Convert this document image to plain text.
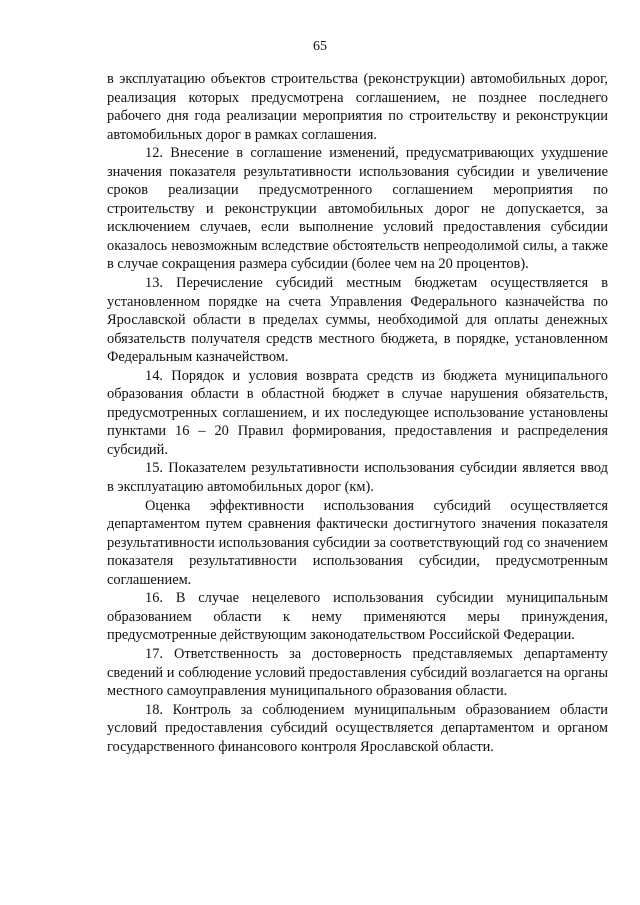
65

в эксплуатацию объектов строительства (реконструкции) автомобильных дорог, реализация которых предусмотрена соглашением, не позднее последнего рабочего дня года реализации мероприятия по строительству и реконструкции автомобильных дорог в рамках соглашения.

12. Внесение в соглашение изменений, предусматривающих ухудшение значения показателя результативности использования субсидии и увеличение сроков реализации предусмотренного соглашением мероприятия по строительству и реконструкции автомобильных дорог не допускается, за исключением случаев, если выполнение условий предоставления субсидии оказалось невозможным вследствие обстоятельств непреодолимой силы, а также в случае сокращения размера субсидии (более чем на 20 процентов).

13. Перечисление субсидий местным бюджетам осуществляется в установленном порядке на счета Управления Федерального казначейства по Ярославской области в пределах суммы, необходимой для оплаты денежных обязательств получателя средств местного бюджета, в порядке, установленном Федеральным казначейством.

14. Порядок и условия возврата средств из бюджета муниципального образования области в областной бюджет в случае нарушения обязательств, предусмотренных соглашением, и их последующее использование установлены пунктами 16 – 20 Правил формирования, предоставления и распределения субсидий.

15. Показателем результативности использования субсидии является ввод в эксплуатацию автомобильных дорог (км).

Оценка эффективности использования субсидий осуществляется департаментом путем сравнения фактически достигнутого значения показателя результативности использования субсидии за соответствующий год со значением показателя результативности использования субсидии, предусмотренным соглашением.

16. В случае нецелевого использования субсидии муниципальным образованием области к нему применяются меры принуждения, предусмотренные действующим законодательством Российской Федерации.

17. Ответственность за достоверность представляемых департаменту сведений и соблюдение условий предоставления субсидий возлагается на органы местного самоуправления муниципального образования области.

18. Контроль за соблюдением муниципальным образованием области условий предоставления субсидий осуществляется департаментом и органом государственного финансового контроля Ярославской области.
